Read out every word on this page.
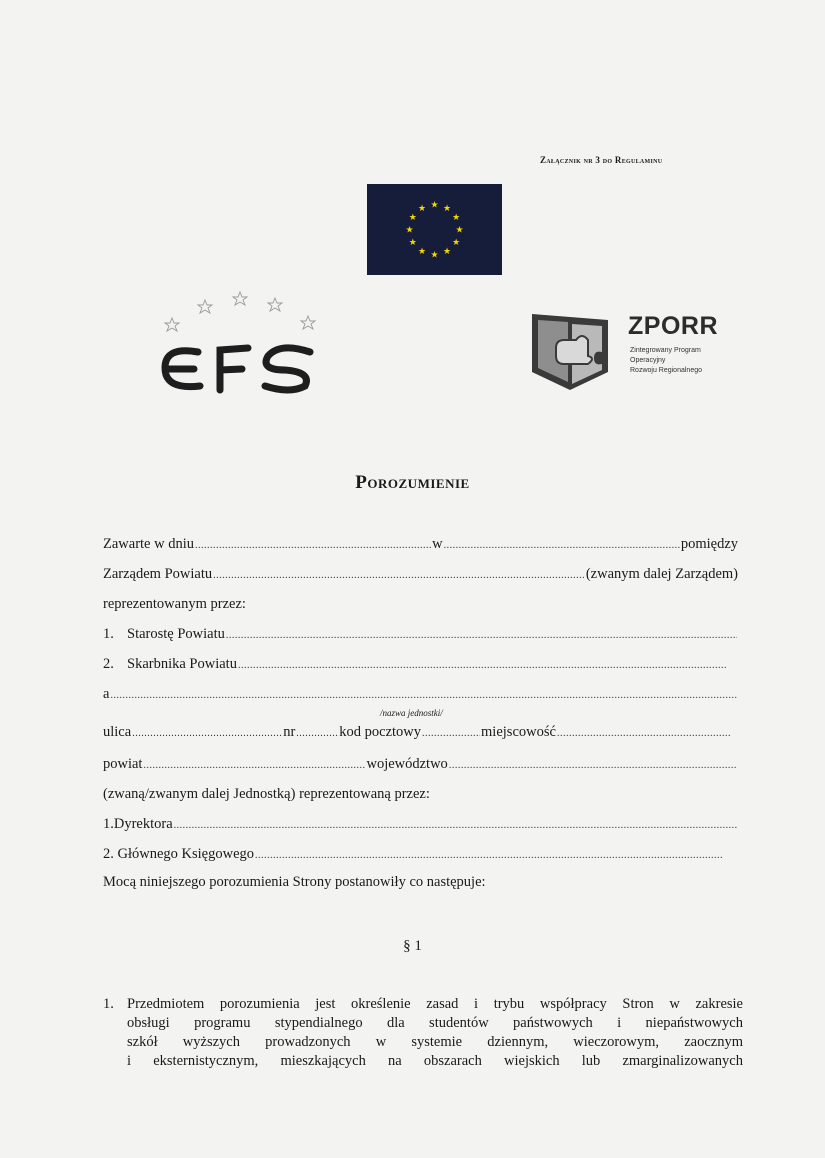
Załącznik nr 3 do Regulaminu
★ ★
★
★
★
★
★
★
★
★
★
★
ZPORR
Zintegrowany Program
Operacyjny
Rozwoju Regionalnego
Porozumienie
Zawarte w dniu .....	w .....	pomiędzy
Zarządem Powiatu .....	(zwanym dalej Zarządem)
reprezentowanym przez:
1. Starostę Powiatu
.....
2. Skarbnika Powiatu
.....
a
.....
/nazwa jednostki/
ulica .....	nr .....	kod pocztowy .....	miejscowość
.....
powiat .....	województwo
.....
(zwaną/zwanym dalej Jednostką) reprezentowaną przez:
1.Dyrektora
.....
2. Głównego Księgowego
.....
Mocą niniejszego porozumienia Strony postanowiły co następuje:
§ 1
1. Przedmiotem porozumienia jest określenie zasad i trybu współpracy Stron w zakresie
obsługi programu stypendialnego dla studentów państwowych i niepaństwowych
szkół wyższych prowadzonych w systemie dziennym, wieczorowym, zaocznym
i eksternistycznym, mieszkających na obszarach wiejskich lub zmarginalizowanych
